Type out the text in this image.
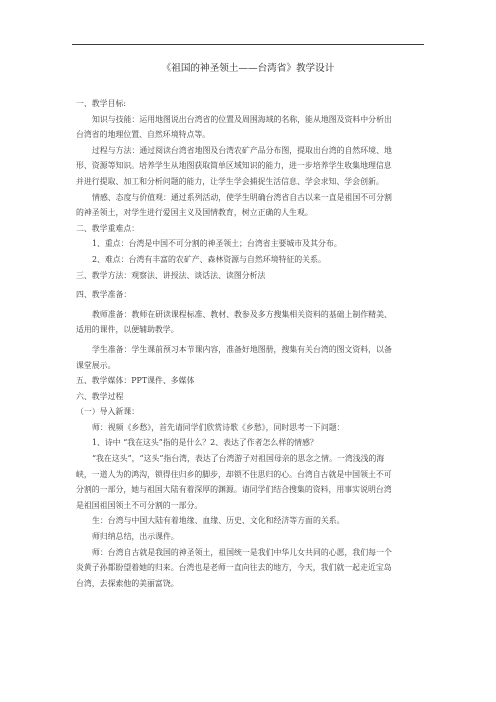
《祖国的神圣领土——台湾省》教学设计

一、教学目标:

知识与技能：运用地图说出台湾省的位置及周围海域的名称，能从地图及资料中分析出

台湾省的地理位置、自然环境特点等。

过程与方法：通过阅读台湾省地图及台湾农矿产品分布图，提取出台湾的自然环境、地

形、资源等知识。培养学生从地图获取简单区域知识的能力，进一步培养学生收集地理信息

并进行提取、加工和分析问题的能力，让学生学会捕捉生活信息、学会求知、学会创新。

情感、态度与价值观：通过系列活动，使学生明确台湾省自古以来一直是祖国不可分割

的神圣领土，对学生进行爱国主义及国情教育，树立正确的人生观。

二、教学重难点：

1、重点：台湾是中国不可分割的神圣领土；台湾省主要城市及其分布。

2、难点：台湾有丰富的农矿产、森林资源与自然环境特征的关系。

三、教学方法：观察法、讲授法、谈话法、读图分析法

四、教学准备：

教师准备：教师在研读课程标准、教材、教参及多方搜集相关资料的基础上制作精美、

适用的课件，以便辅助教学。

学生准备：学生课前预习本节课内容，准备好地图册，搜集有关台湾的图文资料，以备

课堂展示。

五、教学媒体：PPT课件、多媒体

六、教学过程

（一）导入新课：

师：视频《乡愁》，首先请同学们欣赏诗歌《乡愁》，同时思考一下问题：

1、诗中 “我在这头”指的是什么？2、表达了作者怎么样的情感？

“我在这头”，“这头”指台湾，表达了台湾游子对祖国母亲的思念之情。一湾浅浅的海

峡，一道人为的鸿沟，锁得住归乡的脚步，却锁不住思归的心。台湾自古就是中国领土不可

分割的一部分，她与祖国大陆有着深厚的渊源。请同学们结合搜集的资料，用事实说明台湾

是祖国祖国领土不可分割的一部分。

生：台湾与中国大陆有着地缘、血缘、历史、文化和经济等方面的关系。

师归纳总结，出示课件。

师：台湾自古就是我国的神圣领土，祖国统一是我们中华儿女共同的心愿，我们每一个

炎黄子孙都盼望着她的归来。台湾也是老师一直向往去的地方，今天，我们就一起走近宝岛

台湾，去探索他的美丽富饶。
